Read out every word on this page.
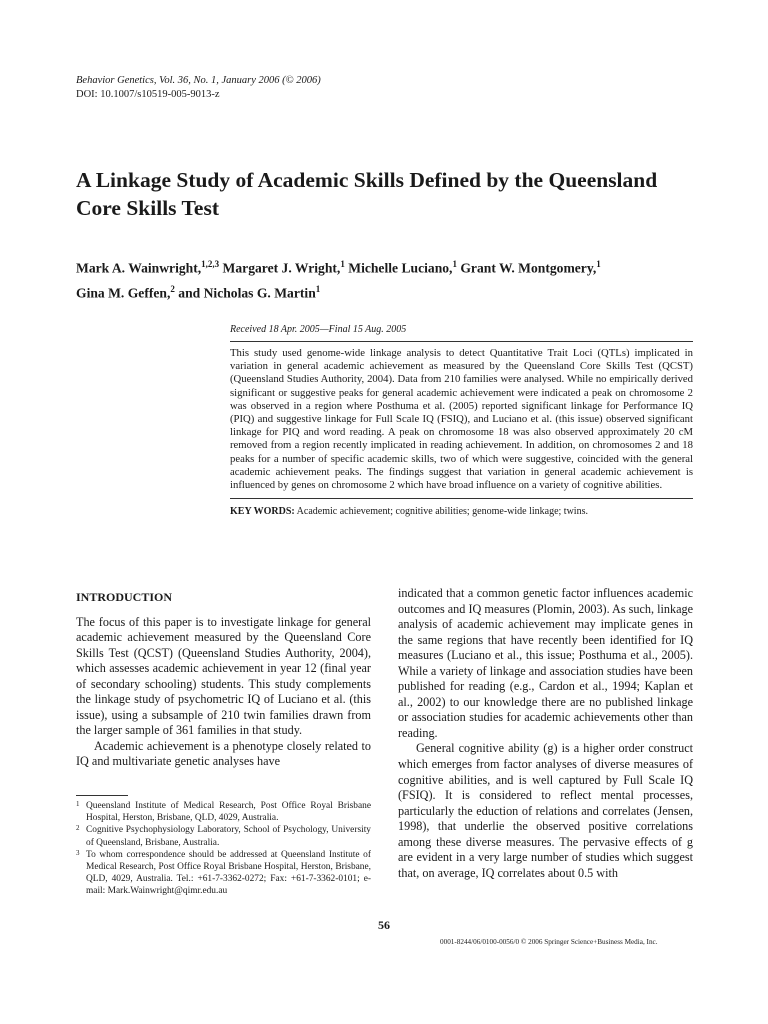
Behavior Genetics, Vol. 36, No. 1, January 2006 (© 2006)
DOI: 10.1007/s10519-005-9013-z
A Linkage Study of Academic Skills Defined by the Queensland Core Skills Test
Mark A. Wainwright,$^{1,2,3}$ Margaret J. Wright,$^1$ Michelle Luciano,$^1$ Grant W. Montgomery,$^1$
Gina M. Geffen,$^2$ and Nicholas G. Martin$^1$
Received 18 Apr. 2005—Final 15 Aug. 2005
This study used genome-wide linkage analysis to detect Quantitative Trait Loci (QTLs) implicated in variation in general academic achievement as measured by the Queensland Core Skills Test (QCST) (Queensland Studies Authority, 2004). Data from 210 families were analysed. While no empirically derived significant or suggestive peaks for general academic achievement were indicated a peak on chromosome 2 was observed in a region where Posthuma et al. (2005) reported significant linkage for Performance IQ (PIQ) and suggestive linkage for Full Scale IQ (FSIQ), and Luciano et al. (this issue) observed significant linkage for PIQ and word reading. A peak on chromosome 18 was also observed approximately 20 cM removed from a region recently implicated in reading achievement. In addition, on chromosomes 2 and 18 peaks for a number of specific academic skills, two of which were suggestive, coincided with the general academic achievement peaks. The findings suggest that variation in general academic achievement is influenced by genes on chromosome 2 which have broad influence on a variety of cognitive abilities.
KEY WORDS: Academic achievement; cognitive abilities; genome-wide linkage; twins.

INTRODUCTION

The focus of this paper is to investigate linkage for general academic achievement measured by the Queensland Core Skills Test (QCST) (Queensland Studies Authority, 2004), which assesses academic achievement in year 12 (final year of secondary schooling) students. This study complements the linkage study of psychometric IQ of Luciano et al. (this issue), using a subsample of 210 twin families drawn from the larger sample of 361 families in that study.

Academic achievement is a phenotype closely related to IQ and multivariate genetic analyses have

indicated that a common genetic factor influences academic outcomes and IQ measures (Plomin, 2003). As such, linkage analysis of academic achievement may implicate genes in the same regions that have recently been identified for IQ measures (Luciano et al., this issue; Posthuma et al., 2005). While a variety of linkage and association studies have been published for reading (e.g., Cardon et al., 1994; Kaplan et al., 2002) to our knowledge there are no published linkage or association studies for academic achievements other than reading.

General cognitive ability (g) is a higher order construct which emerges from factor analyses of diverse measures of cognitive abilities, and is well captured by Full Scale IQ (FSIQ). It is considered to reflect mental processes, particularly the eduction of relations and correlates (Jensen, 1998), that underlie the observed positive correlations among these diverse measures. The pervasive effects of g are evident in a very large number of studies which suggest that, on average, IQ correlates about 0.5 with

1 Queensland Institute of Medical Research, Post Office Royal Brisbane Hospital, Herston, Brisbane, QLD, 4029, Australia.
2 Cognitive Psychophysiology Laboratory, School of Psychology, University of Queensland, Brisbane, Australia.
3 To whom correspondence should be addressed at Queensland Institute of Medical Research, Post Office Royal Brisbane Hospital, Herston, Brisbane, QLD, 4029, Australia. Tel.: +61-7-3362-0272; Fax: +61-7-3362-0101; e-mail: Mark.Wainwright@qimr.edu.au
56
0001-8244/06/0100-0056/0 © 2006 Springer Science+Business Media, Inc.
